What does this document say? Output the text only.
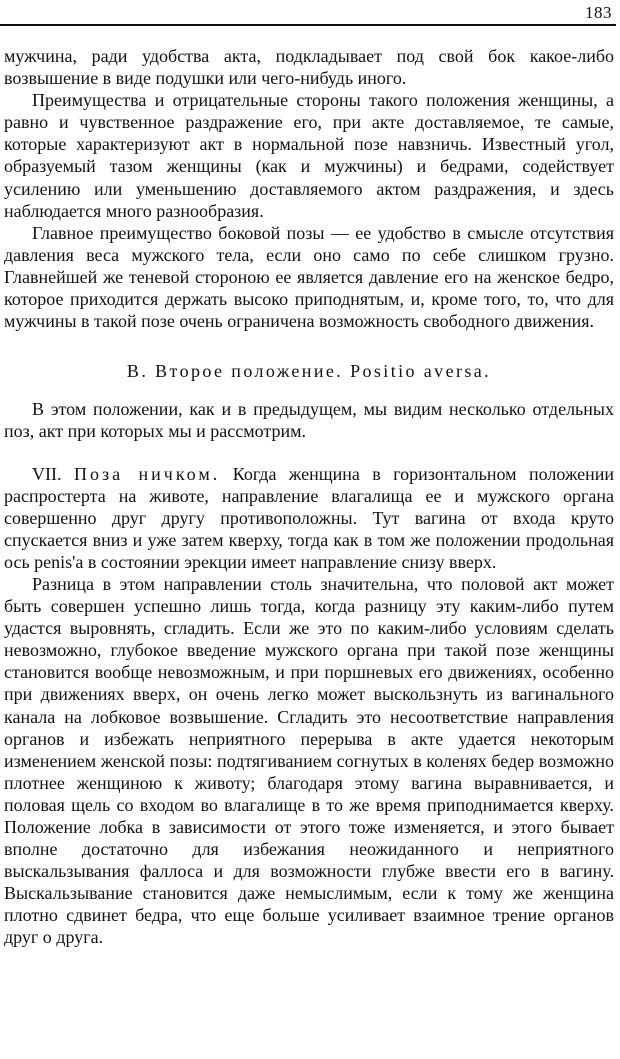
183

мужчина, ради удобства акта, подкладывает под свой бок какое-либо возвышение в виде подушки или чего-нибудь иного.

Преимущества и отрицательные стороны такого положения женщины, а равно и чувственное раздражение его, при акте доставляемое, те самые, которые характеризуют акт в нормальной позе навзничь. Известный угол, образуемый тазом женщины (как и мужчины) и бедрами, содействует усилению или уменьшению доставляемого актом раздражения, и здесь наблюдается много разнообразия.

Главное преимущество боковой позы — ее удобство в смысле отсутствия давления веса мужского тела, если оно само по себе слишком грузно. Главнейшей же теневой стороною ее является давление его на женское бедро, которое приходится держать высоко приподнятым, и, кроме того, то, что для мужчины в такой позе очень ограничена возможность свободного движения.

В. Второе положение. Positio aversa.

В этом положении, как и в предыдущем, мы видим несколько отдельных поз, акт при которых мы и рассмотрим.

VII. Поза ничком. Когда женщина в горизонтальном положении распростерта на животе, направление влагалища ее и мужского органа совершенно друг другу противоположны. Тут вагина от входа круто спускается вниз и уже затем кверху, тогда как в том же положении продольная ось penis'а в состоянии эрекции имеет направление снизу вверх.

Разница в этом направлении столь значительна, что половой акт может быть совершен успешно лишь тогда, когда разницу эту каким-либо путем удастся выровнять, сгладить. Если же это по каким-либо условиям сделать невозможно, глубокое введение мужского органа при такой позе женщины становится вообще невозможным, и при поршневых его движениях, особенно при движениях вверх, он очень легко может выскользнуть из вагинального канала на лобковое возвышение. Сгладить это несоответствие направления органов и избежать неприятного перерыва в акте удается некоторым изменением женской позы: подтягиванием согнутых в коленях бедер возможно плотнее женщиною к животу; благодаря этому вагина выравнивается, и половая щель со входом во влагалище в то же время приподнимается кверху. Положение лобка в зависимости от этого тоже изменяется, и этого бывает вполне достаточно для избежания неожиданного и неприятного выскальзывания фаллоса и для возможности глубже ввести его в вагину. Выскальзывание становится даже немыслимым, если к тому же женщина плотно сдвинет бедра, что еще больше усиливает взаимное трение органов друг о друга.
